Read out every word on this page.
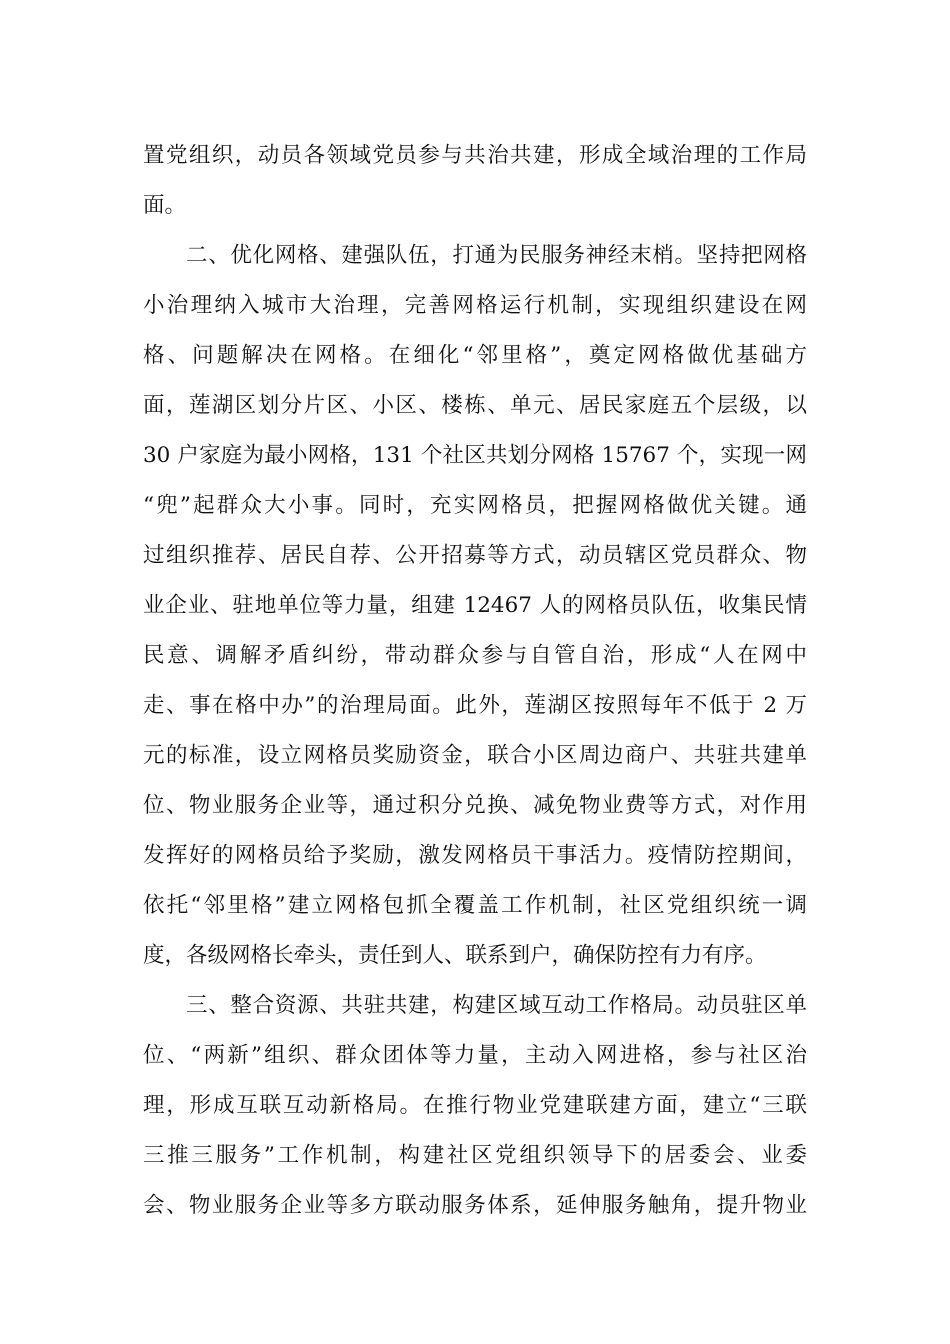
置党组织，动员各领域党员参与共治共建，形成全域治理的工作局
面。
二、优化网格、建强队伍，打通为民服务神经末梢。坚持把网格
小治理纳入城市大治理，完善网格运行机制，实现组织建设在网
格、问题解决在网格。在细化“邻里格”，奠定网格做优基础方
面，莲湖区划分片区、小区、楼栋、单元、居民家庭五个层级，以
30 户家庭为最小网格，131 个社区共划分网格 15767 个，实现一网
“兜”起群众大小事。同时，充实网格员，把握网格做优关键。通
过组织推荐、居民自荐、公开招募等方式，动员辖区党员群众、物
业企业、驻地单位等力量，组建 12467 人的网格员队伍，收集民情
民意、调解矛盾纠纷，带动群众参与自管自治，形成“人在网中
走、事在格中办”的治理局面。此外，莲湖区按照每年不低于 2 万
元的标准，设立网格员奖励资金，联合小区周边商户、共驻共建单
位、物业服务企业等，通过积分兑换、减免物业费等方式，对作用
发挥好的网格员给予奖励，激发网格员干事活力。疫情防控期间，
依托“邻里格”建立网格包抓全覆盖工作机制，社区党组织统一调
度，各级网格长牵头，责任到人、联系到户，确保防控有力有序。
三、整合资源、共驻共建，构建区域互动工作格局。动员驻区单
位、“两新”组织、群众团体等力量，主动入网进格，参与社区治
理，形成互联互动新格局。在推行物业党建联建方面，建立“三联
三推三服务”工作机制，构建社区党组织领导下的居委会、业委
会、物业服务企业等多方联动服务体系，延伸服务触角，提升物业
